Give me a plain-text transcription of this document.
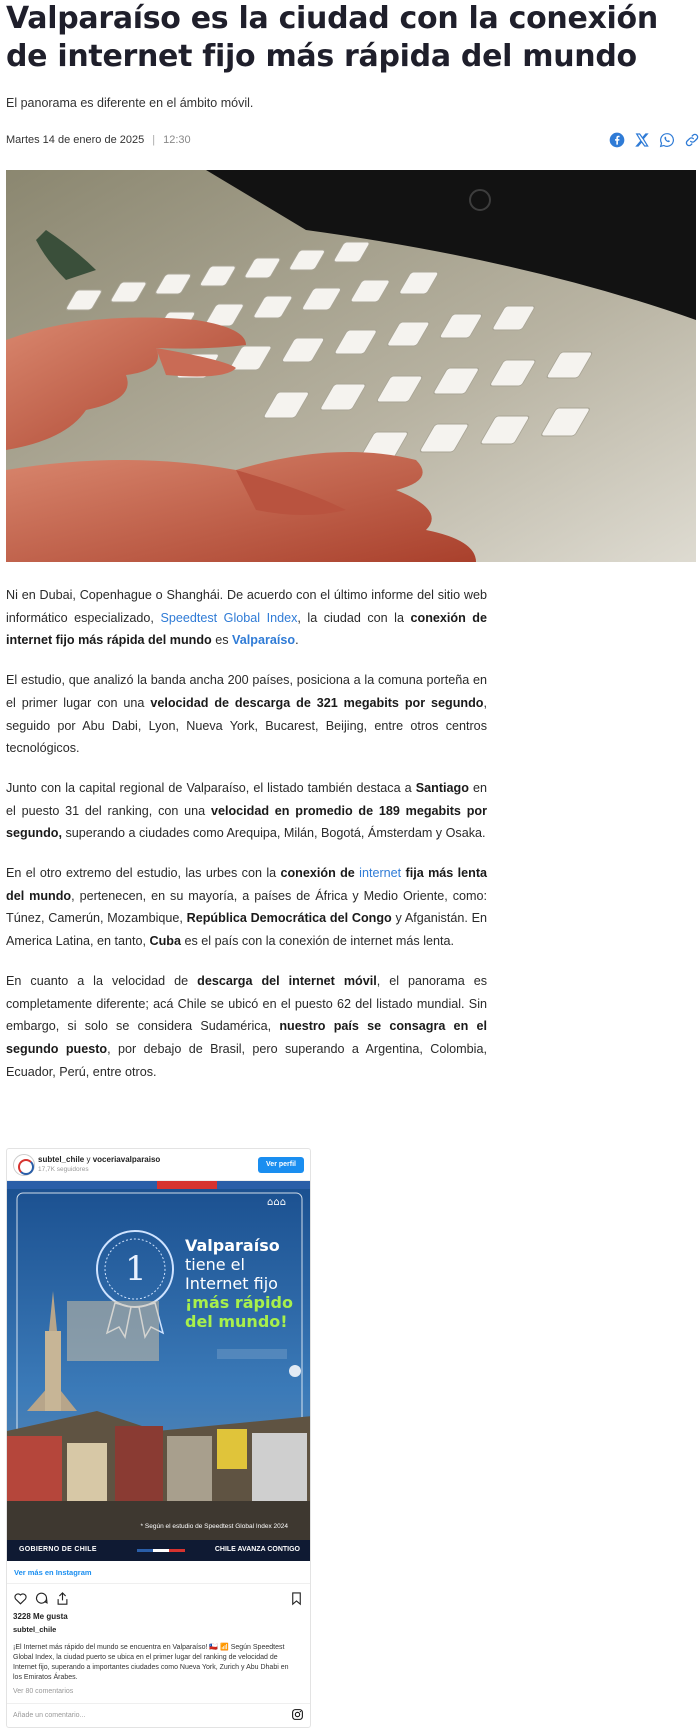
Valparaíso es la ciudad con la conexión de internet fijo más rápida del mundo
El panorama es diferente en el ámbito móvil.
Martes 14 de enero de 2025 | 12:30

Ni en Dubai, Copenhague o Shanghái. De acuerdo con el último informe del sitio web informático especializado, Speedtest Global Index, la ciudad con la conexión de internet fijo más rápida del mundo es Valparaíso.

El estudio, que analizó la banda ancha 200 países, posiciona a la comuna porteña en el primer lugar con una velocidad de descarga de 321 megabits por segundo, seguido por Abu Dabi, Lyon, Nueva York, Bucarest, Beijing, entre otros centros tecnológicos.

Junto con la capital regional de Valparaíso, el listado también destaca a Santiago en el puesto 31 del ranking, con una velocidad en promedio de 189 megabits por segundo, superando a ciudades como Arequipa, Milán, Bogotá, Ámsterdam y Osaka.

En el otro extremo del estudio, las urbes con la conexión de internet fija más lenta del mundo, pertenecen, en su mayoría, a países de África y Medio Oriente, como: Túnez, Camerún, Mozambique, República Democrática del Congo y Afganistán. En America Latina, en tanto, Cuba es el país con la conexión de internet más lenta.

En cuanto a la velocidad de descarga del internet móvil, el panorama es completamente diferente; acá Chile se ubicó en el puesto 62 del listado mundial. Sin embargo, si solo se considera Sudamérica, nuestro país se consagra en el segundo puesto, por debajo de Brasil, pero superando a Argentina, Colombia, Ecuador, Perú, entre otros.

subtel_chile y voceriavalparaiso
17,7K seguidores
Ver perfil
⌂⌂⌂
Valparaíso
tiene el
Internet fijo
¡más rápido
del mundo!
1
* Según el estudio de Speedtest Global Index 2024
GOBIERNO DE CHILE	CHILE AVANZA CONTIGO
Ver más en Instagram
3228 Me gusta
subtel_chile
¡El Internet más rápido del mundo se encuentra en Valparaíso! 🇨🇱 📶 Según Speedtest Global Index, la ciudad puerto se ubica en el primer lugar del ranking de velocidad de Internet fijo, superando a importantes ciudades como Nueva York, Zurich y Abu Dhabi en los Emiratos Árabes.
Ver 80 comentarios
Añade un comentario...
